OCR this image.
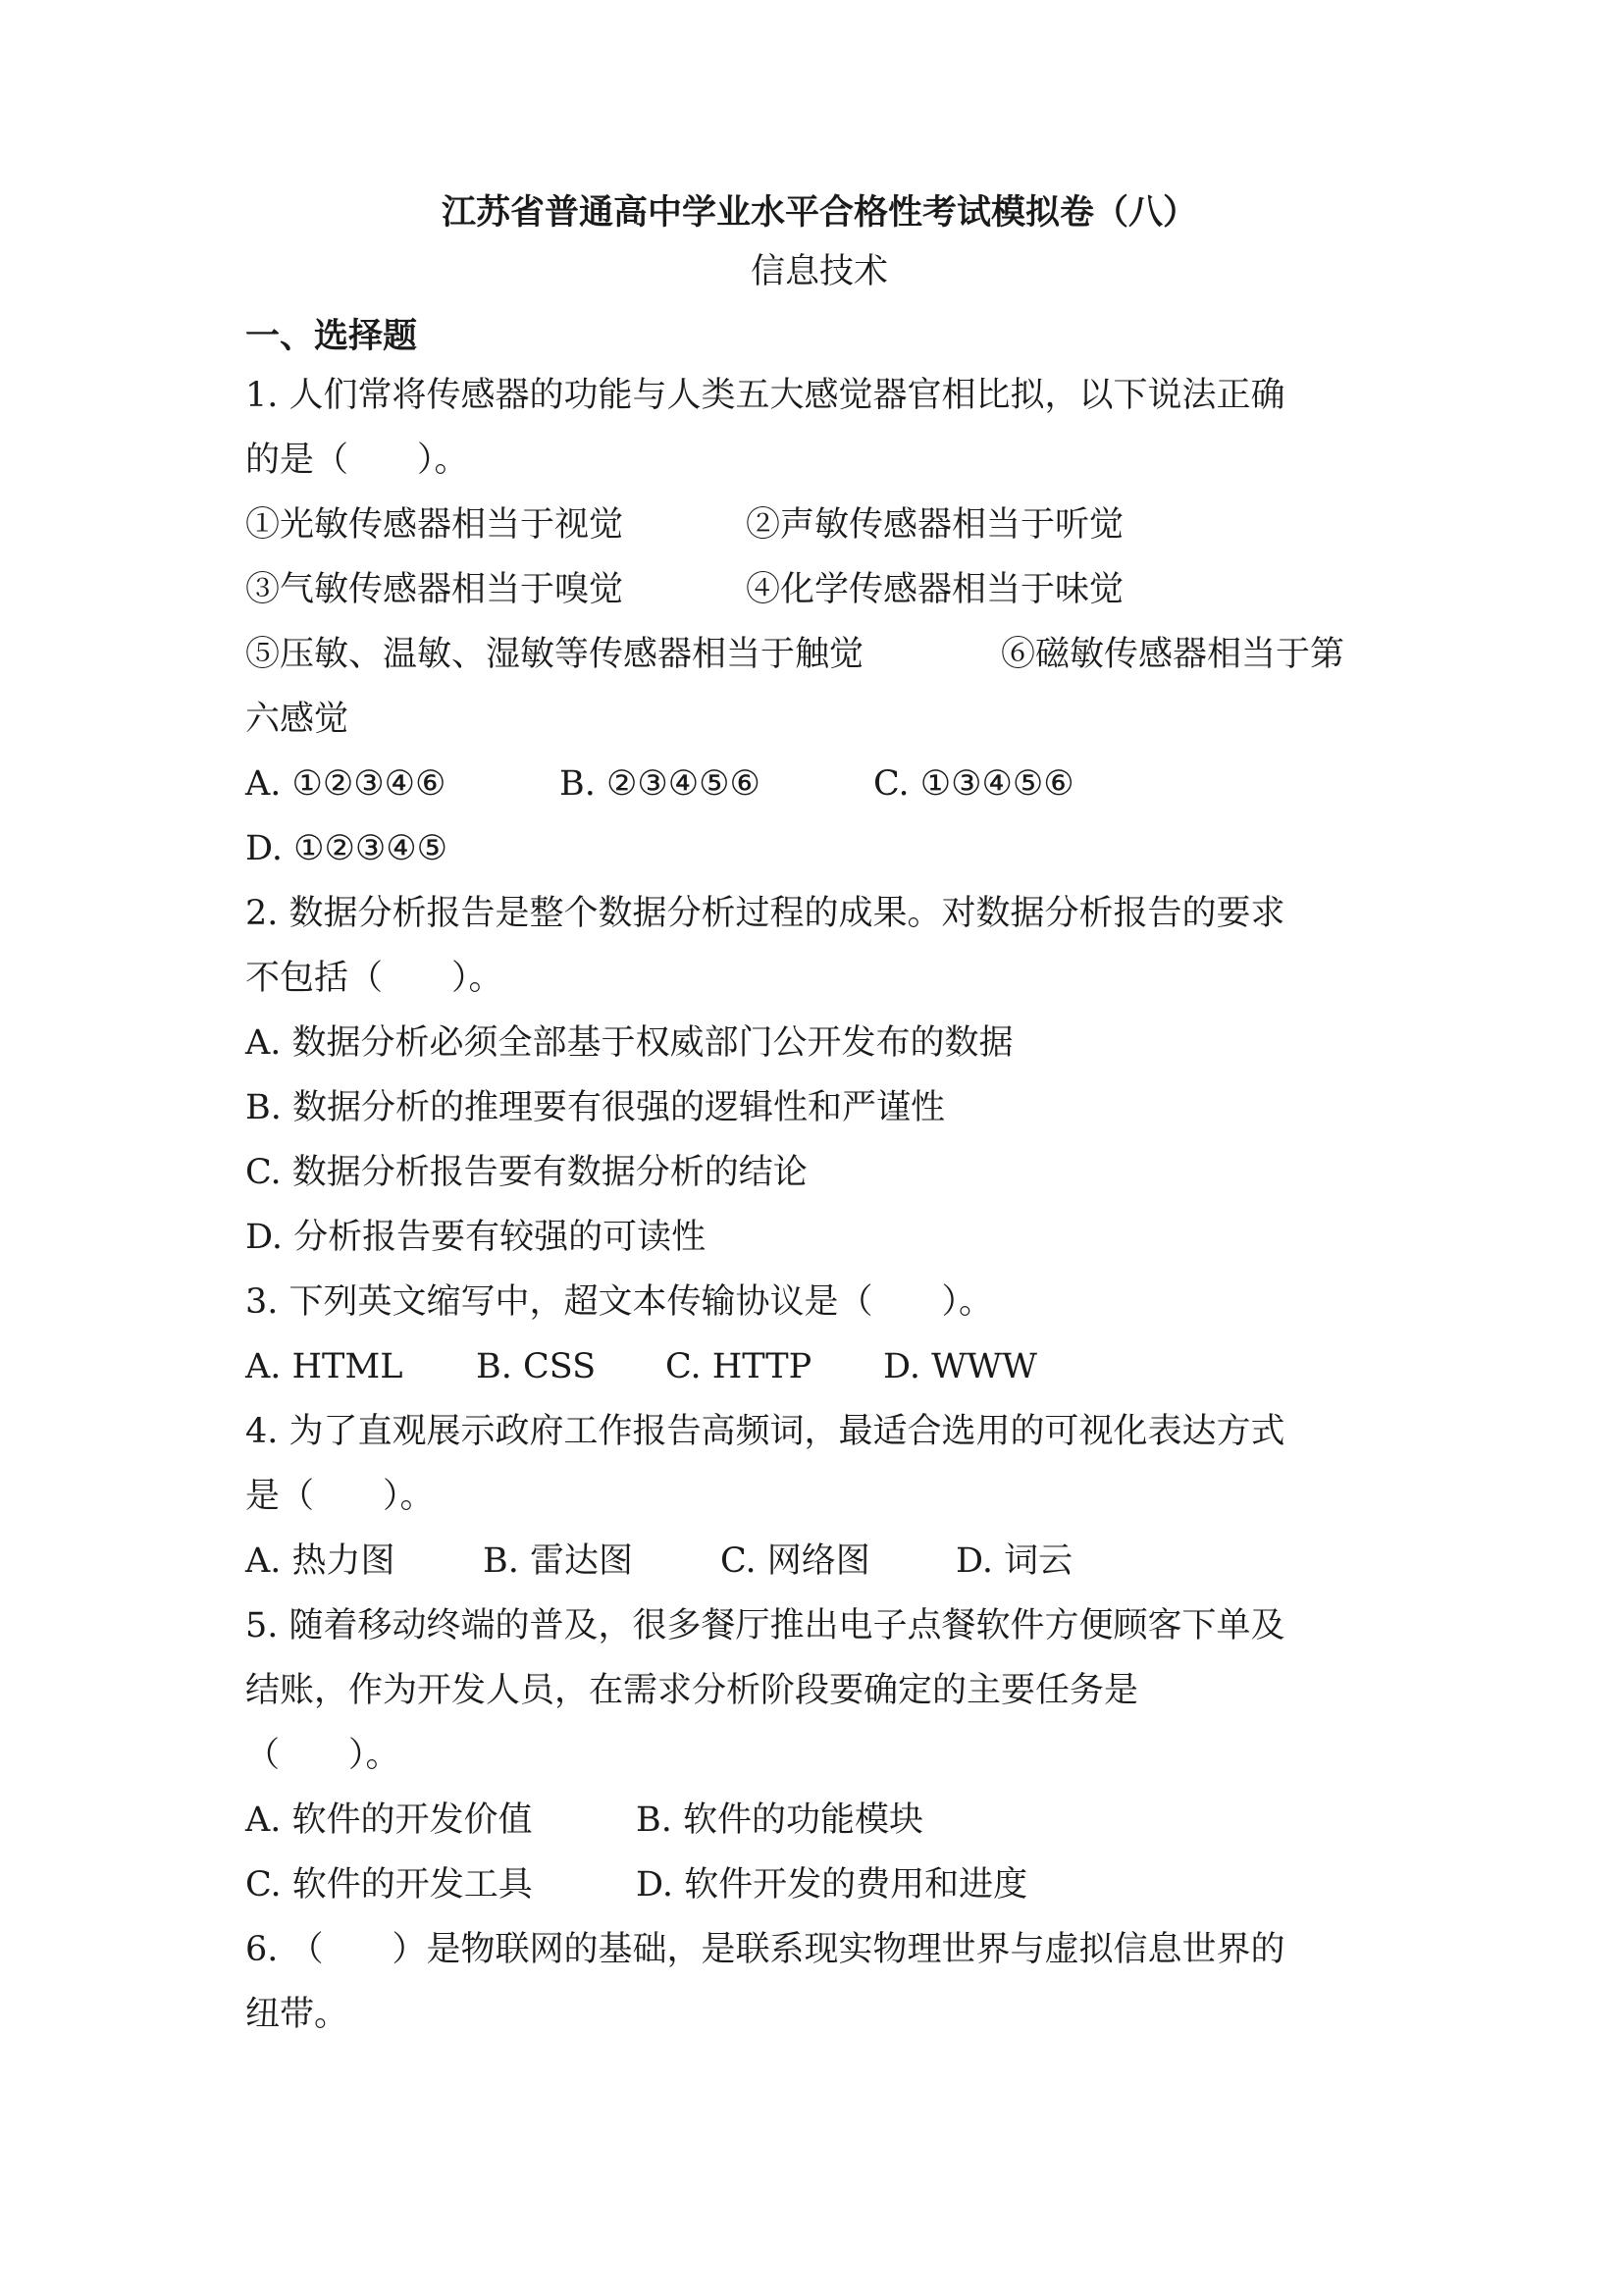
江苏省普通高中学业水平合格性考试模拟卷（八）
信息技术
一、选择题
1. 人们常将传感器的功能与人类五大感觉器官相比拟，以下说法正确
的是（　　）。
①光敏传感器相当于视觉	②声敏传感器相当于听觉
③气敏传感器相当于嗅觉	④化学传感器相当于味觉
⑤压敏、温敏、湿敏等传感器相当于触觉	⑥磁敏传感器相当于第
六感觉
A. ①②③④⑥	B. ②③④⑤⑥	C. ①③④⑤⑥
D. ①②③④⑤
2. 数据分析报告是整个数据分析过程的成果。对数据分析报告的要求
不包括（　　）。
A. 数据分析必须全部基于权威部门公开发布的数据
B. 数据分析的推理要有很强的逻辑性和严谨性
C. 数据分析报告要有数据分析的结论
D. 分析报告要有较强的可读性
3. 下列英文缩写中，超文本传输协议是（　　）。
A. HTML	B. CSS	C. HTTP	D. WWW
4. 为了直观展示政府工作报告高频词，最适合选用的可视化表达方式
是（　　）。
A. 热力图	B. 雷达图	C. 网络图	D. 词云
5. 随着移动终端的普及，很多餐厅推出电子点餐软件方便顾客下单及
结账，作为开发人员，在需求分析阶段要确定的主要任务是
（　　）。
A. 软件的开发价值	B. 软件的功能模块
C. 软件的开发工具	D. 软件开发的费用和进度
6. （　　）是物联网的基础，是联系现实物理世界与虚拟信息世界的
纽带。
